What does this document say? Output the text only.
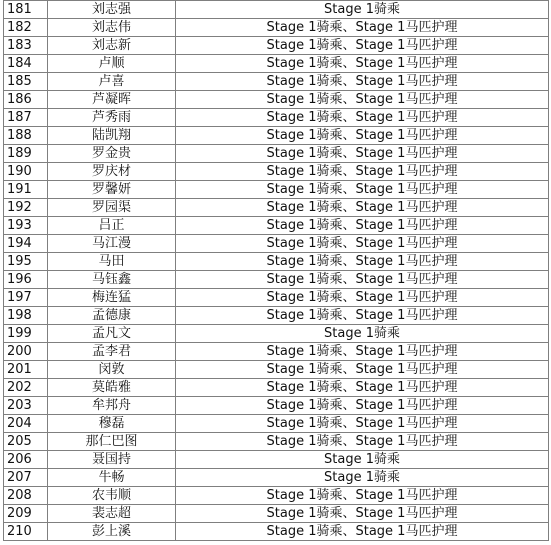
181	刘志强	Stage 1骑乘
182	刘志伟	Stage 1骑乘、Stage 1马匹护理
183	刘志新	Stage 1骑乘、Stage 1马匹护理
184	卢顺	Stage 1骑乘、Stage 1马匹护理
185	卢喜	Stage 1骑乘、Stage 1马匹护理
186	芦凝晖	Stage 1骑乘、Stage 1马匹护理
187	芦秀雨	Stage 1骑乘、Stage 1马匹护理
188	陆凯翔	Stage 1骑乘、Stage 1马匹护理
189	罗金贵	Stage 1骑乘、Stage 1马匹护理
190	罗庆材	Stage 1骑乘、Stage 1马匹护理
191	罗馨妍	Stage 1骑乘、Stage 1马匹护理
192	罗园渠	Stage 1骑乘、Stage 1马匹护理
193	吕正	Stage 1骑乘、Stage 1马匹护理
194	马江漫	Stage 1骑乘、Stage 1马匹护理
195	马田	Stage 1骑乘、Stage 1马匹护理
196	马钰鑫	Stage 1骑乘、Stage 1马匹护理
197	梅连猛	Stage 1骑乘、Stage 1马匹护理
198	孟德康	Stage 1骑乘、Stage 1马匹护理
199	孟凡文	Stage 1骑乘
200	孟李君	Stage 1骑乘、Stage 1马匹护理
201	闵敦	Stage 1骑乘、Stage 1马匹护理
202	莫皓雅	Stage 1骑乘、Stage 1马匹护理
203	牟邦舟	Stage 1骑乘、Stage 1马匹护理
204	穆磊	Stage 1骑乘、Stage 1马匹护理
205	那仁巴图	Stage 1骑乘、Stage 1马匹护理
206	聂国持	Stage 1骑乘
207	牛畅	Stage 1骑乘
208	农韦顺	Stage 1骑乘、Stage 1马匹护理
209	裴志超	Stage 1骑乘、Stage 1马匹护理
210	彭上溪	Stage 1骑乘、Stage 1马匹护理
